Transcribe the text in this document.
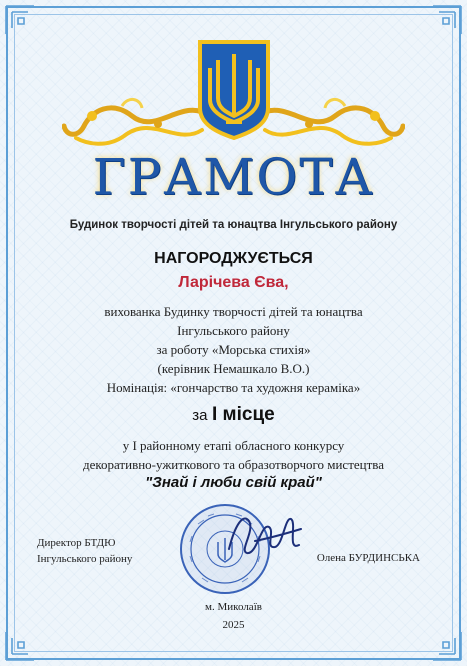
ГРАМОТА
Будинок творчості дітей та юнацтва Інгульського району
НАГОРОДЖУЄТЬСЯ
Ларічева Єва,
вихованка Будинку творчості дітей та юнацтва
Інгульського району
за роботу «Морська стихія»
(керівник Немашкало В.О.)
Номінація: «гончарство та художня кераміка»
за І місце
у І районному етапі обласного конкурсу
декоративно-ужиткового та образотворчого мистецтва
"Знай і люби свій край"
Директор БТДЮ
Інгульського району	Олена БУРДИНСЬКА
м. Миколаїв
2025
